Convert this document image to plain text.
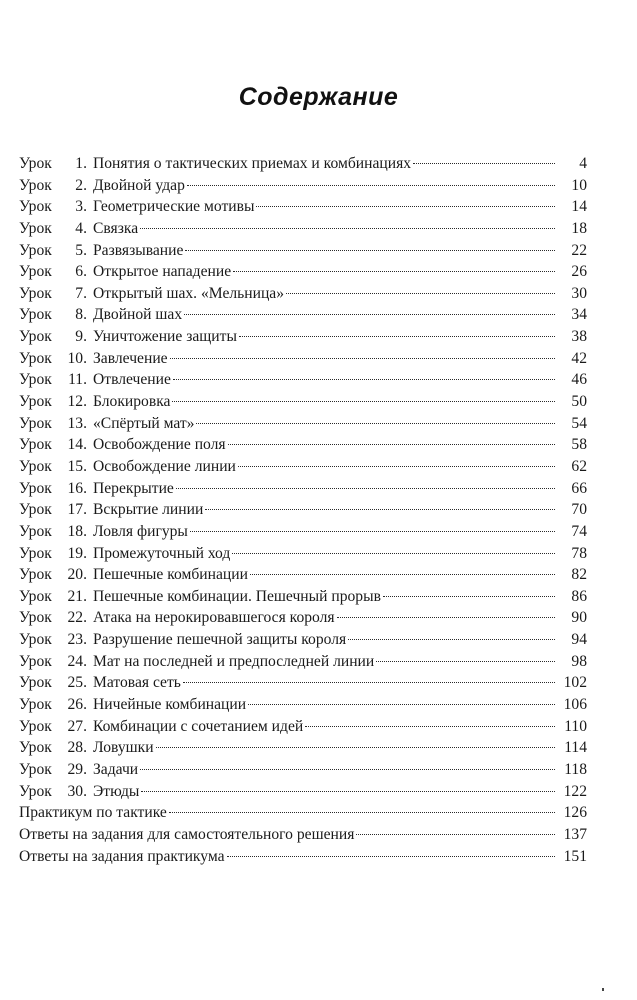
Содержание
Урок	1. Понятия о тактических приемах и комбинациях	4
Урок	2. Двойной удар	10
Урок	3. Геометрические мотивы	14
Урок	4. Связка	18
Урок	5. Развязывание	22
Урок	6. Открытое нападение	26
Урок	7. Открытый шах. «Мельница»	30
Урок	8. Двойной шах	34
Урок	9. Уничтожение защиты	38
Урок	10. Завлечение	42
Урок	11. Отвлечение	46
Урок	12. Блокировка	50
Урок	13. «Спёртый мат»	54
Урок	14. Освобождение поля	58
Урок	15. Освобождение линии	62
Урок	16. Перекрытие	66
Урок	17. Вскрытие линии	70
Урок	18. Ловля фигуры	74
Урок	19. Промежуточный ход	78
Урок	20. Пешечные комбинации	82
Урок	21. Пешечные комбинации. Пешечный прорыв	86
Урок	22. Атака на нерокировавшегося короля	90
Урок	23. Разрушение пешечной защиты короля	94
Урок	24. Мат на последней и предпоследней линии	98
Урок	25. Матовая сеть	102
Урок	26. Ничейные комбинации	106
Урок	27. Комбинации с сочетанием идей	110
Урок	28. Ловушки	114
Урок	29. Задачи	118
Урок	30. Этюды	122
Практикум по тактике	126
Ответы на задания для самостоятельного решения	137
Ответы на задания практикума	151
